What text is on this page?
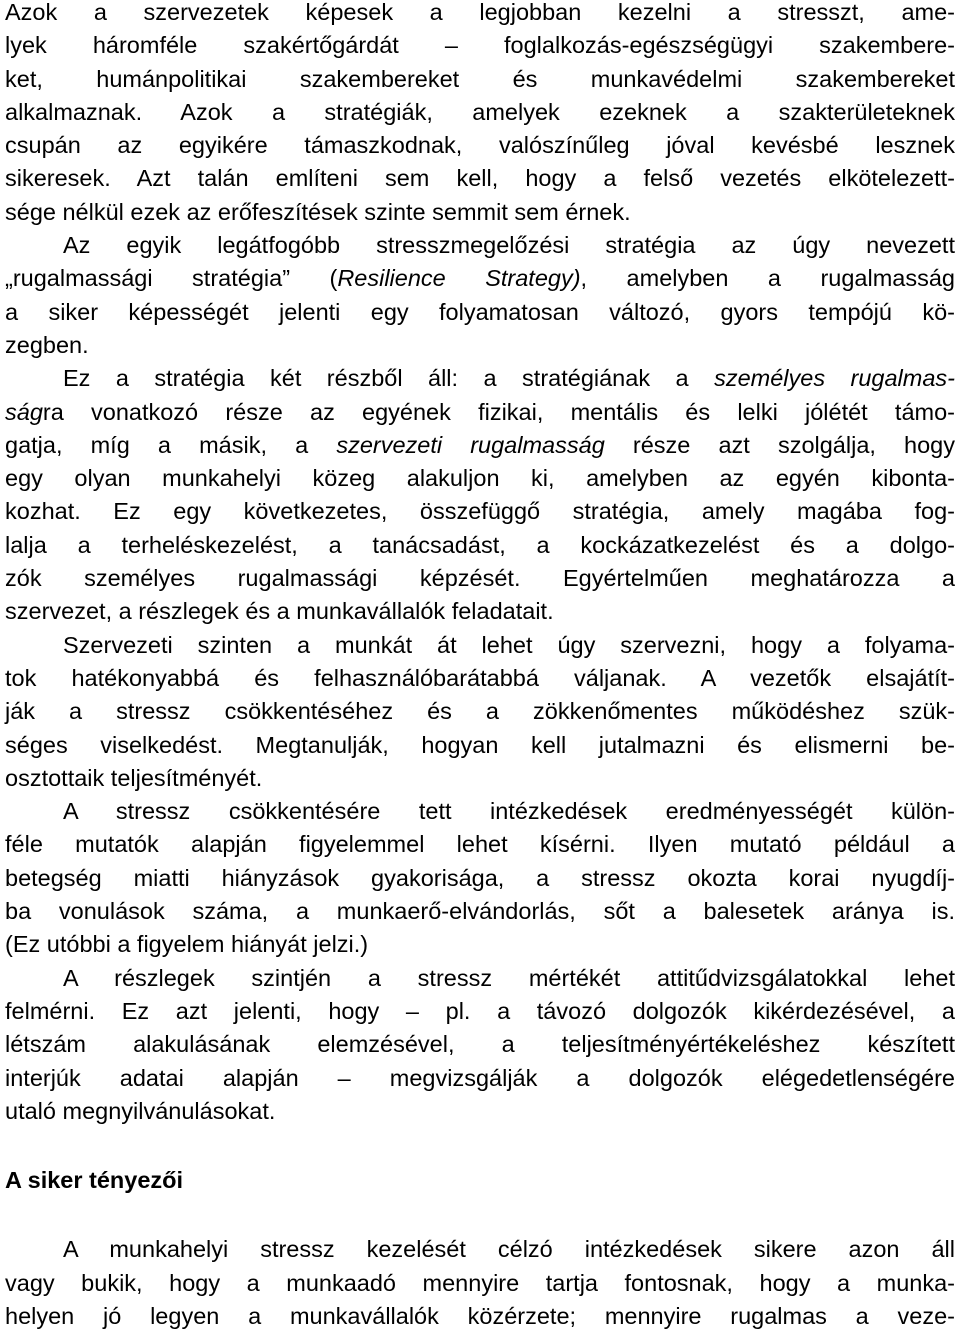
Azok a szervezetek képesek a legjobban kezelni a stresszt, ame-
lyek háromféle szakértőgárdát – foglalkozás-egészségügyi szakembere-
ket, humánpolitikai szakembereket és munkavédelmi szakembereket
alkalmaznak. Azok a stratégiák, amelyek ezeknek a szakterületeknek
csupán az egyikére támaszkodnak, valószínűleg jóval kevésbé lesznek
sikeresek. Azt talán említeni sem kell, hogy a felső vezetés elkötelezett-
sége nélkül ezek az erőfeszítések szinte semmit sem érnek.
Az egyik legátfogóbb stresszmegelőzési stratégia az úgy nevezett
„rugalmassági stratégia” (Resilience Strategy), amelyben a rugalmasság
a siker képességét jelenti egy folyamatosan változó, gyors tempójú kö-
zegben.
Ez a stratégia két részből áll: a stratégiának a személyes rugalmas-
ságra vonatkozó része az egyének fizikai, mentális és lelki jólétét támo-
gatja, míg a másik, a szervezeti rugalmasság része azt szolgálja, hogy
egy olyan munkahelyi közeg alakuljon ki, amelyben az egyén kibonta-
kozhat. Ez egy következetes, összefüggő stratégia, amely magába fog-
lalja a terheléskezelést, a tanácsadást, a kockázatkezelést és a dolgo-
zók személyes rugalmassági képzését. Egyértelműen meghatározza a
szervezet, a részlegek és a munkavállalók feladatait.
Szervezeti szinten a munkát át lehet úgy szervezni, hogy a folyama-
tok hatékonyabbá és felhasználóbarátabbá váljanak. A vezetők elsajátít-
ják a stressz csökkentéséhez és a zökkenőmentes működéshez szük-
séges viselkedést. Megtanulják, hogyan kell jutalmazni és elismerni be-
osztottaik teljesítményét.
A stressz csökkentésére tett intézkedések eredményességét külön-
féle mutatók alapján figyelemmel lehet kísérni. Ilyen mutató például a
betegség miatti hiányzások gyakorisága, a stressz okozta korai nyugdíj-
ba vonulások száma, a munkaerő-elvándorlás, sőt a balesetek aránya is.
(Ez utóbbi a figyelem hiányát jelzi.)
A részlegek szintjén a stressz mértékét attitűdvizsgálatokkal lehet
felmérni. Ez azt jelenti, hogy – pl. a távozó dolgozók kikérdezésével, a
létszám alakulásának elemzésével, a teljesítményértékeléshez készített
interjúk adatai alapján – megvizsgálják a dolgozók elégedetlenségére
utaló megnyilvánulásokat.
A siker tényezői
A munkahelyi stressz kezelését célzó intézkedések sikere azon áll
vagy bukik, hogy a munkaadó mennyire tartja fontosnak, hogy a munka-
helyen jó legyen a munkavállalók közérzete; mennyire rugalmas a veze-
